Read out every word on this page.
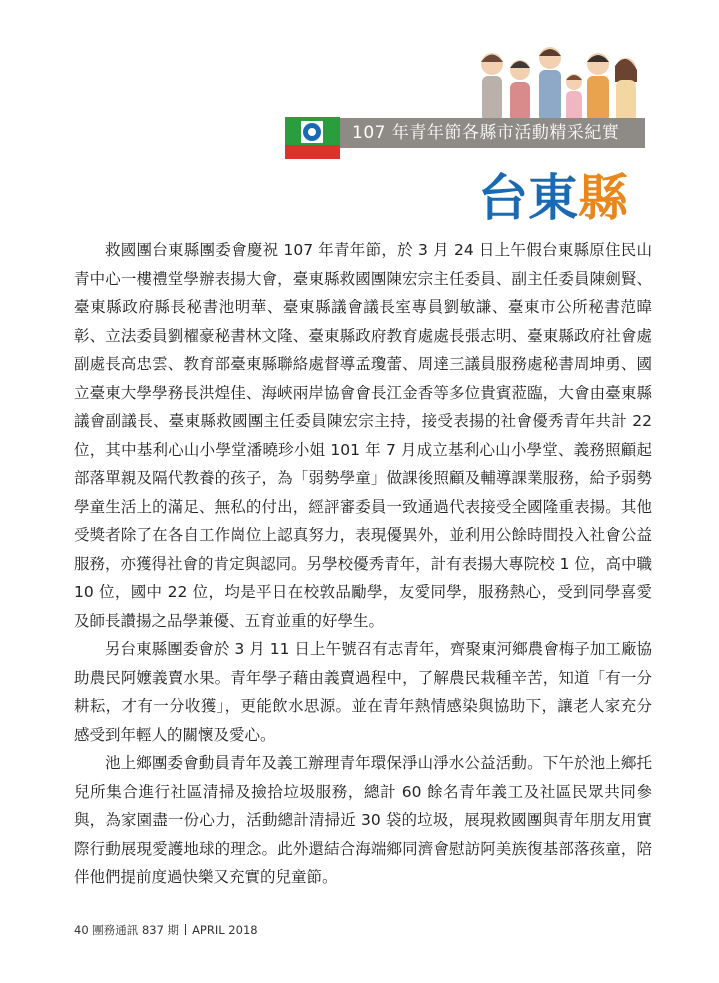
107 年青年節各縣市活動精采紀實
台東縣

救國團台東縣團委會慶祝 107 年青年節，於 3 月 24 日上午假台東縣原住民山青中心一樓禮堂學辦表揚大會，臺東縣救國團陳宏宗主任委員、副主任委員陳劍賢、臺東縣政府縣長秘書池明華、臺東縣議會議長室專員劉敏謙、臺東市公所秘書范暐彰、立法委員劉櫂豪秘書林文隆、臺東縣政府教育處處長張志明、臺東縣政府社會處副處長高忠雲、教育部臺東縣聯絡處督導孟瓊蕾、周達三議員服務處秘書周坤勇、國立臺東大學學務長洪煌佳、海峽兩岸協會會長江金香等多位貴賓蒞臨，大會由臺東縣議會副議長、臺東縣救國團主任委員陳宏宗主持，接受表揚的社會優秀青年共計 22 位，其中基利心山小學堂潘曉珍小姐 101 年 7 月成立基利心山小學堂、義務照顧起部落單親及隔代教養的孩子，為「弱勢學童」做課後照顧及輔導課業服務，給予弱勢學童生活上的滿足、無私的付出，經評審委員一致通過代表接受全國隆重表揚。其他受獎者除了在各自工作崗位上認真努力，表現優異外，並利用公餘時間投入社會公益服務，亦獲得社會的肯定與認同。另學校優秀青年，計有表揚大專院校 1 位，高中職 10 位，國中 22 位，均是平日在校敦品勵學，友愛同學，服務熱心，受到同學喜愛及師長讚揚之品學兼優、五育並重的好學生。

另台東縣團委會於 3 月 11 日上午號召有志青年，齊聚東河鄉農會梅子加工廠協助農民阿嬤義賣水果。青年學子藉由義賣過程中，了解農民栽種辛苦，知道「有一分耕耘，才有一分收獲」，更能飲水思源。並在青年熱情感染與協助下，讓老人家充分感受到年輕人的關懷及愛心。

池上鄉團委會動員青年及義工辦理青年環保淨山淨水公益活動。下午於池上鄉托兒所集合進行社區清掃及撿拾垃圾服務，總計 60 餘名青年義工及社區民眾共同參與，為家園盡一份心力，活動總計清掃近 30 袋的垃圾，展現救國團與青年朋友用實際行動展現愛護地球的理念。此外還結合海端鄉同濟會慰訪阿美族復基部落孩童，陪伴他們提前度過快樂又充實的兒童節。

40 團務通訊 837 期 APRIL 2018
